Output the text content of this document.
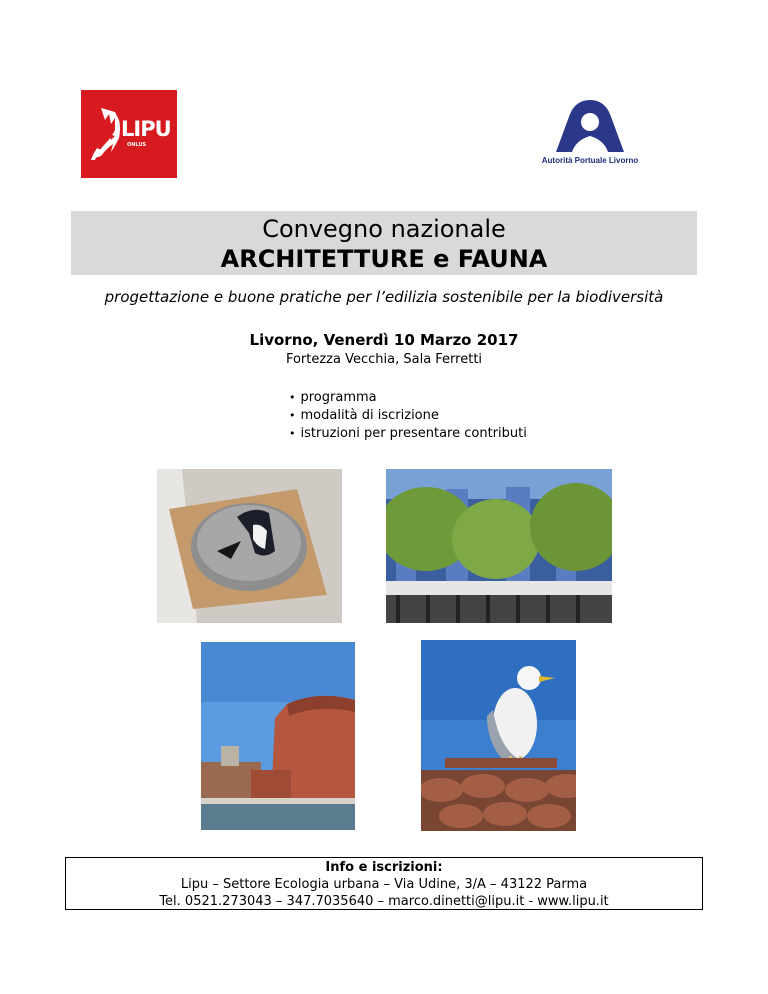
LIPU
ONLUS
Autorità Portuale Livorno
Convegno nazionale
ARCHITETTURE e FAUNA
progettazione e buone pratiche per l’edilizia sostenibile per la biodiversità
Livorno, Venerdì 10 Marzo 2017
Fortezza Vecchia, Sala Ferretti
• programma
• modalità di iscrizione
• istruzioni per presentare contributi
Info e iscrizioni:
Lipu – Settore Ecologia urbana – Via Udine, 3/A – 43122 Parma
Tel. 0521.273043 – 347.7035640 – marco.dinetti@lipu.it - www.lipu.it
